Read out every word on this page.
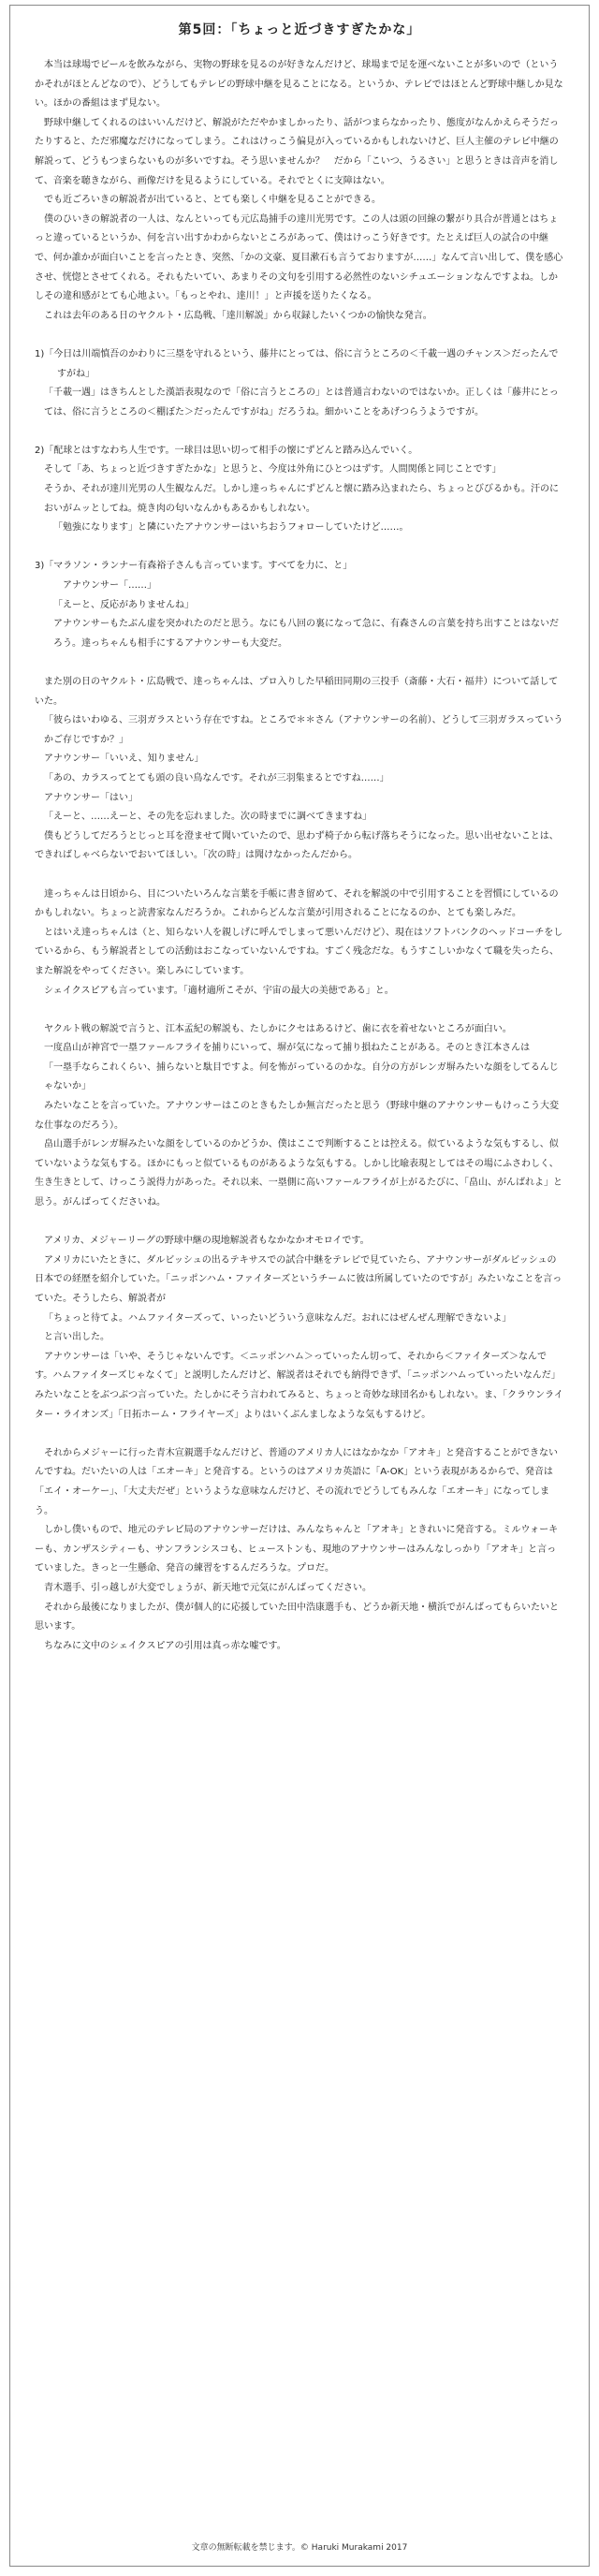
第5回：「ちょっと近づきすぎたかな」

本当は球場でビールを飲みながら、実物の野球を見るのが好きなんだけど、球場まで足を運べないことが多いので（というかそれがほとんどなので）、どうしてもテレビの野球中継を見ることになる。というか、テレビではほとんど野球中継しか見ない。ほかの番組はまず見ない。

野球中継してくれるのはいいんだけど、解説がただやかましかったり、話がつまらなかったり、態度がなんかえらそうだったりすると、ただ邪魔なだけになってしまう。これはけっこう偏見が入っているかもしれないけど、巨人主催のテレビ中継の解説って、どうもつまらないものが多いですね。そう思いませんか？　だから「こいつ、うるさい」と思うときは音声を消して、音楽を聴きながら、画像だけを見るようにしている。それでとくに支障はない。

でも近ごろいきの解説者が出ていると、とても楽しく中継を見ることができる。

僕のひいきの解説者の一人は、なんといっても元広島捕手の達川光男です。この人は頭の回線の繋がり具合が普通とはちょっと違っているというか、何を言い出すかわからないところがあって、僕はけっこう好きです。たとえば巨人の試合の中継で、何か誰かが面白いことを言ったとき、突然、「かの文豪、夏目漱石も言うておりますが……」なんて言い出して、僕を感心させ、恍惚とさせてくれる。それもたいてい、あまりその文句を引用する必然性のないシチュエーションなんですよね。しかしその違和感がとても心地よい。「もっとやれ、達川！」と声援を送りたくなる。

これは去年のある日のヤクルト・広島戦、「達川解説」から収録したいくつかの愉快な発言。

1)「今日は川端慎吾のかわりに三塁を守れるという、藤井にとっては、俗に言うところの＜千載一遇のチャンス＞だったんですがね」

「千載一遇」はきちんとした漢語表現なので「俗に言うところの」とは普通言わないのではないか。正しくは「藤井にとっては、俗に言うところの＜棚ぼた＞だったんですがね」だろうね。細かいことをあげつらうようですが。

2)「配球とはすなわち人生です。一球目は思い切って相手の懐にずどんと踏み込んでいく。

そして「あ、ちょっと近づきすぎたかな」と思うと、今度は外角にひとつはずす。人間関係と同じことです」

そうか、それが達川光男の人生観なんだ。しかし達っちゃんにずどんと懐に踏み込まれたら、ちょっとびびるかも。汗のにおいがムッとしてね。焼き肉の匂いなんかもあるかもしれない。

「勉強になります」と隣にいたアナウンサーはいちおうフォローしていたけど……。

3)「マラソン・ランナー有森裕子さんも言っています。すべてを力に、と」

アナウンサー「……」

「えーと、反応がありませんね」

アナウンサーもたぶん虚を突かれたのだと思う。なにも八回の裏になって急に、有森さんの言葉を持ち出すことはないだろう。達っちゃんも相手にするアナウンサーも大変だ。

また別の日のヤクルト・広島戦で、達っちゃんは、プロ入りした早稲田同期の三投手（斎藤・大石・福井）について話していた。

「彼らはいわゆる、三羽ガラスという存在ですね。ところで＊＊さん（アナウンサーの名前）、どうして三羽ガラスっていうかご存じですか？」

アナウンサー「いいえ、知りません」

「あの、カラスってとても頭の良い鳥なんです。それが三羽集まるとですね……」

アナウンサー「はい」

「えーと、……えーと、その先を忘れました。次の時までに調べてきますね」

僕もどうしてだろうとじっと耳を澄ませて聞いていたので、思わず椅子から転げ落ちそうになった。思い出せないことは、できればしゃべらないでおいてほしい。「次の時」は聞けなかったんだから。

達っちゃんは日頃から、目についたいろんな言葉を手帳に書き留めて、それを解説の中で引用することを習慣にしているのかもしれない。ちょっと読書家なんだろうか。これからどんな言葉が引用されることになるのか、とても楽しみだ。

とはいえ達っちゃんは（と、知らない人を親しげに呼んでしまって悪いんだけど）、現在はソフトバンクのヘッドコーチをしているから、もう解説者としての活動はおこなっていないんですね。すごく残念だな。もうすこしいかなくて職を失ったら、また解説をやってください。楽しみにしています。

シェイクスピアも言っています。「適材適所こそが、宇宙の最大の美徳である」と。

ヤクルト戦の解説で言うと、江本孟紀の解説も、たしかにクセはあるけど、歯に衣を着せないところが面白い。

一度畠山が神宮で一塁ファールフライを捕りにいって、塀が気になって捕り損ねたことがある。そのとき江本さんは

「一塁手ならこれくらい、捕らないと駄目ですよ。何を怖がっているのかな。自分の方がレンガ塀みたいな顔をしてるんじゃないか」

みたいなことを言っていた。アナウンサーはこのときもたしか無言だったと思う（野球中継のアナウンサーもけっこう大変な仕事なのだろう）。

畠山選手がレンガ塀みたいな顔をしているのかどうか、僕はここで判断することは控える。似ているような気もするし、似ていないような気もする。ほかにもっと似ているものがあるような気もする。しかし比喩表現としてはその場にふさわしく、生き生きとして、けっこう説得力があった。それ以来、一塁側に高いファールフライが上がるたびに、「畠山、がんばれよ」と思う。がんばってくださいね。

アメリカ、メジャーリーグの野球中継の現地解説者もなかなかオモロイです。

アメリカにいたときに、ダルビッシュの出るテキサスでの試合中継をテレビで見ていたら、アナウンサーがダルビッシュの日本での経歴を紹介していた。「ニッポンハム・ファイターズというチームに彼は所属していたのですが」みたいなことを言っていた。そうしたら、解説者が

「ちょっと待てよ。ハムファイターズって、いったいどういう意味なんだ。おれにはぜんぜん理解できないよ」

と言い出した。

アナウンサーは「いや、そうじゃないんです。＜ニッポンハム＞っていったん切って、それから＜ファイターズ＞なんです。ハムファイターズじゃなくて」と説明したんだけど、解説者はそれでも納得できず、「ニッポンハムっていったいなんだ」みたいなことをぶつぶつ言っていた。たしかにそう言われてみると、ちょっと奇妙な球団名かもしれない。ま、「クラウンライター・ライオンズ」「日拓ホーム・フライヤーズ」よりはいくぶんましなような気もするけど。

それからメジャーに行った青木宣親選手なんだけど、普通のアメリカ人にはなかなか「アオキ」と発音することができないんですね。だいたいの人は「エオーキ」と発音する。というのはアメリカ英語に「A-OK」という表現があるからで、発音は「エイ・オーケー」、「大丈夫だぜ」というような意味なんだけど、その流れでどうしてもみんな「エオーキ」になってしまう。

しかし僕いもので、地元のテレビ局のアナウンサーだけは、みんなちゃんと「アオキ」ときれいに発音する。ミルウォーキーも、カンザスシティーも、サンフランシスコも、ヒューストンも、現地のアナウンサーはみんなしっかり「アオキ」と言っていました。きっと一生懸命、発音の練習をするんだろうな。プロだ。

青木選手、引っ越しが大変でしょうが、新天地で元気にがんばってください。

それから最後になりましたが、僕が個人的に応援していた田中浩康選手も、どうか新天地・横浜でがんばってもらいたいと思います。

ちなみに文中のシェイクスピアの引用は真っ赤な嘘です。

文章の無断転載を禁じます。© Haruki Murakami 2017
